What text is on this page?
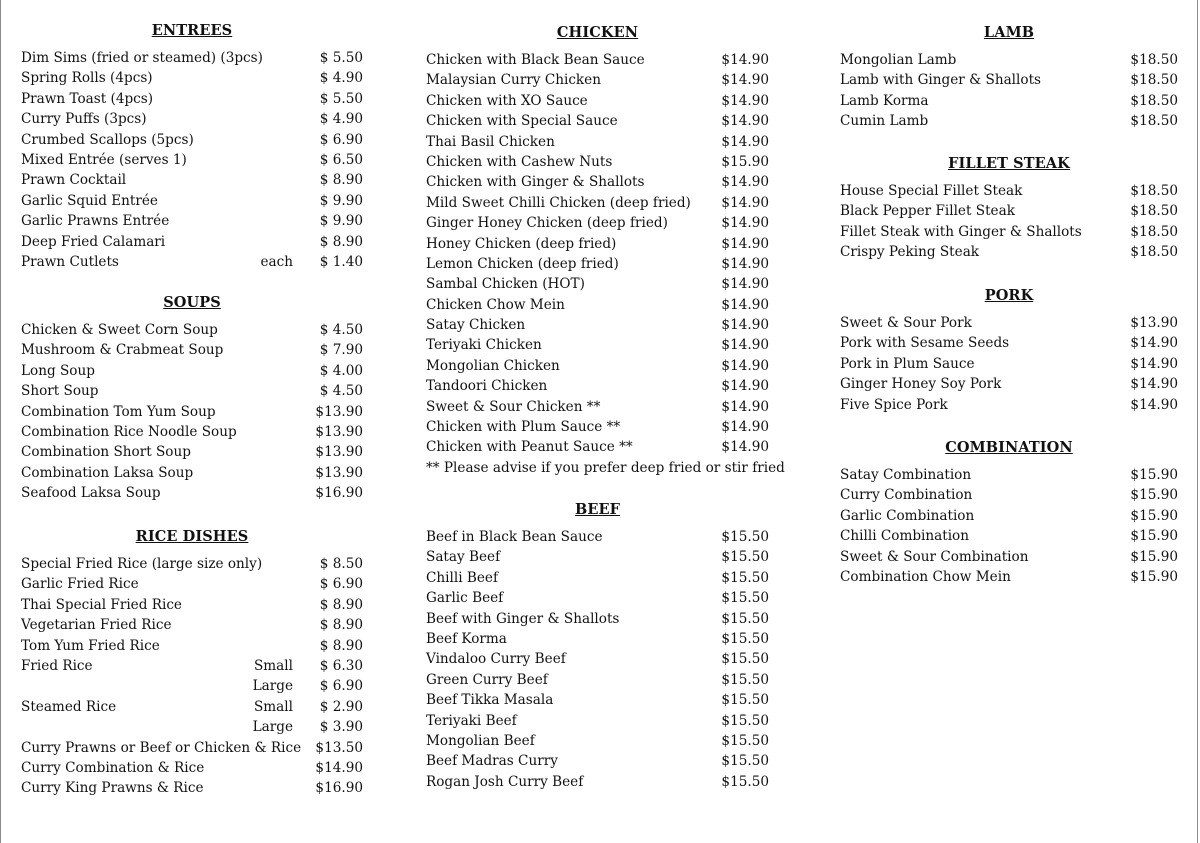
ENTREES
Dim Sims (fried or steamed) (3pcs)	$ 5.50
Spring Rolls (4pcs)	$ 4.90
Prawn Toast (4pcs)	$ 5.50
Curry Puffs (3pcs)	$ 4.90
Crumbed Scallops (5pcs)	$ 6.90
Mixed Entrée (serves 1)	$ 6.50
Prawn Cocktail	$ 8.90
Garlic Squid Entrée	$ 9.90
Garlic Prawns Entrée	$ 9.90
Deep Fried Calamari	$ 8.90
Prawn Cutlets	each $ 1.40
SOUPS
Chicken & Sweet Corn Soup	$ 4.50
Mushroom & Crabmeat Soup	$ 7.90
Long Soup	$ 4.00
Short Soup	$ 4.50
Combination Tom Yum Soup	$13.90
Combination Rice Noodle Soup	$13.90
Combination Short Soup	$13.90
Combination Laksa Soup	$13.90
Seafood Laksa Soup	$16.90
RICE DISHES
Special Fried Rice (large size only)	$ 8.50
Garlic Fried Rice	$ 6.90
Thai Special Fried Rice	$ 8.90
Vegetarian Fried Rice	$ 8.90
Tom Yum Fried Rice	$ 8.90
Fried Rice	Small $ 6.30
Large $ 6.90
Steamed Rice	Small $ 2.90
Large $ 3.90
Curry Prawns or Beef or Chicken & Rice $13.50
Curry Combination & Rice	$14.90
Curry King Prawns & Rice	$16.90
CHICKEN
Chicken with Black Bean Sauce	$14.90
Malaysian Curry Chicken	$14.90
Chicken with XO Sauce	$14.90
Chicken with Special Sauce	$14.90
Thai Basil Chicken	$14.90
Chicken with Cashew Nuts	$15.90
Chicken with Ginger & Shallots	$14.90
Mild Sweet Chilli Chicken (deep fried) $14.90
Ginger Honey Chicken (deep fried)	$14.90
Honey Chicken (deep fried)	$14.90
Lemon Chicken (deep fried)	$14.90
Sambal Chicken (HOT)	$14.90
Chicken Chow Mein	$14.90
Satay Chicken	$14.90
Teriyaki Chicken	$14.90
Mongolian Chicken	$14.90
Tandoori Chicken	$14.90
Sweet & Sour Chicken **	$14.90
Chicken with Plum Sauce **	$14.90
Chicken with Peanut Sauce **	$14.90
** Please advise if you prefer deep fried or stir fried
BEEF
Beef in Black Bean Sauce	$15.50
Satay Beef	$15.50
Chilli Beef	$15.50
Garlic Beef	$15.50
Beef with Ginger & Shallots	$15.50
Beef Korma	$15.50
Vindaloo Curry Beef	$15.50
Green Curry Beef	$15.50
Beef Tikka Masala	$15.50
Teriyaki Beef	$15.50
Mongolian Beef	$15.50
Beef Madras Curry	$15.50
Rogan Josh Curry Beef	$15.50
LAMB
Mongolian Lamb	$18.50
Lamb with Ginger & Shallots	$18.50
Lamb Korma	$18.50
Cumin Lamb	$18.50
FILLET STEAK
House Special Fillet Steak	$18.50
Black Pepper Fillet Steak	$18.50
Fillet Steak with Ginger & Shallots	$18.50
Crispy Peking Steak	$18.50
PORK
Sweet & Sour Pork	$13.90
Pork with Sesame Seeds	$14.90
Pork in Plum Sauce	$14.90
Ginger Honey Soy Pork	$14.90
Five Spice Pork	$14.90
COMBINATION
Satay Combination	$15.90
Curry Combination	$15.90
Garlic Combination	$15.90
Chilli Combination	$15.90
Sweet & Sour Combination	$15.90
Combination Chow Mein	$15.90
